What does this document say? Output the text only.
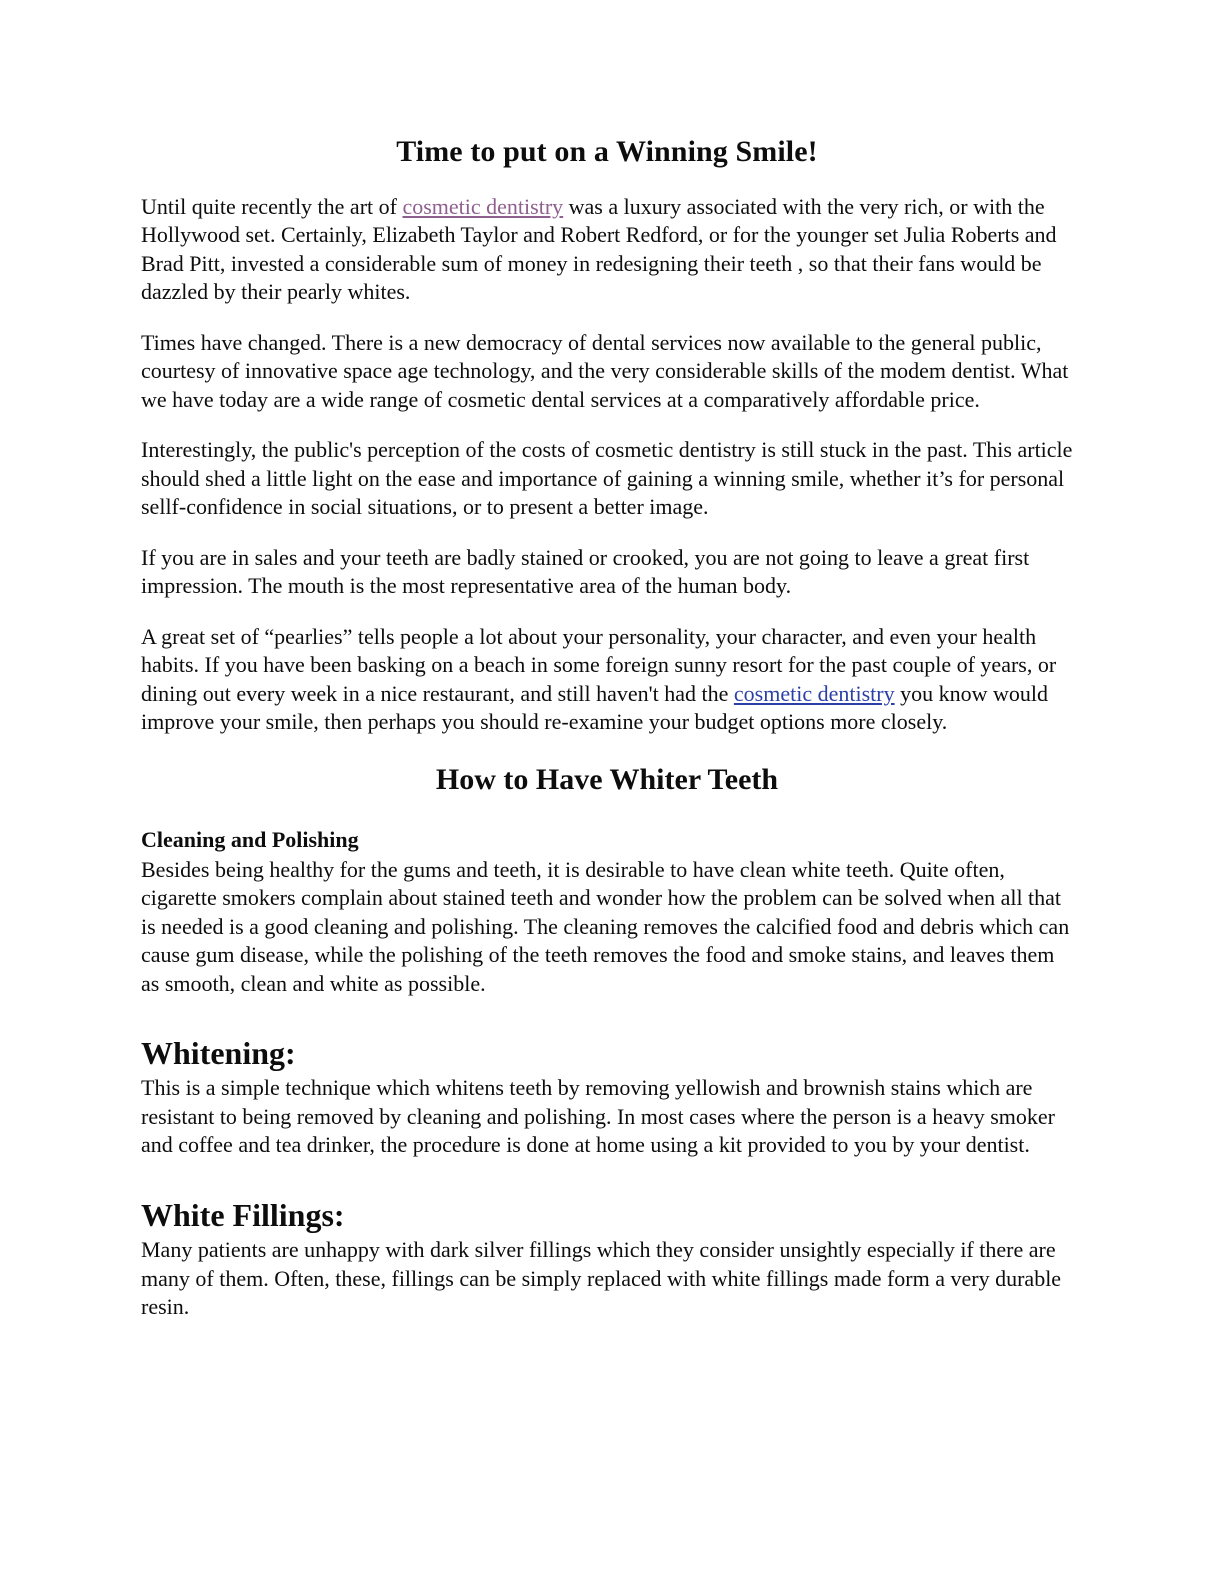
Time to put on a Winning Smile!

Until quite recently the art of cosmetic dentistry was a luxury associated with the very rich, or with the Hollywood set. Certainly, Elizabeth Taylor and Robert Redford, or for the younger set Julia Roberts and Brad Pitt, invested a considerable sum of money in redesigning their teeth , so that their fans would be dazzled by their pearly whites.

Times have changed. There is a new democracy of dental services now available to the general public, courtesy of innovative space age technology, and the very considerable skills of the modem dentist. What we have today are a wide range of cosmetic dental services at a comparatively affordable price.

Interestingly, the public's perception of the costs of cosmetic dentistry is still stuck in the past. This article should shed a little light on the ease and importance of gaining a winning smile, whether it’s for personal sellf-confidence in social situations, or to present a better image.

If you are in sales and your teeth are badly stained or crooked, you are not going to leave a great first impression. The mouth is the most representative area of the human body.

A great set of “pearlies” tells people a lot about your personality, your character, and even your health habits. If you have been basking on a beach in some foreign sunny resort for the past couple of years, or dining out every week in a nice restaurant, and still haven't had the cosmetic dentistry you know would improve your smile, then perhaps you should re-examine your budget options more closely.

How to Have Whiter Teeth
Cleaning and Polishing

Besides being healthy for the gums and teeth, it is desirable to have clean white teeth. Quite often, cigarette smokers complain about stained teeth and wonder how the problem can be solved when all that is needed is a good cleaning and polishing. The cleaning removes the calcified food and debris which can cause gum disease, while the polishing of the teeth removes the food and smoke stains, and leaves them as smooth, clean and white as possible.

Whitening:

This is a simple technique which whitens teeth by removing yellowish and brownish stains which are resistant to being removed by cleaning and polishing. In most cases where the person is a heavy smoker and coffee and tea drinker, the procedure is done at home using a kit provided to you by your dentist.

White Fillings:

Many patients are unhappy with dark silver fillings which they consider unsightly especially if there are many of them. Often, these, fillings can be simply replaced with white fillings made form a very durable resin.
